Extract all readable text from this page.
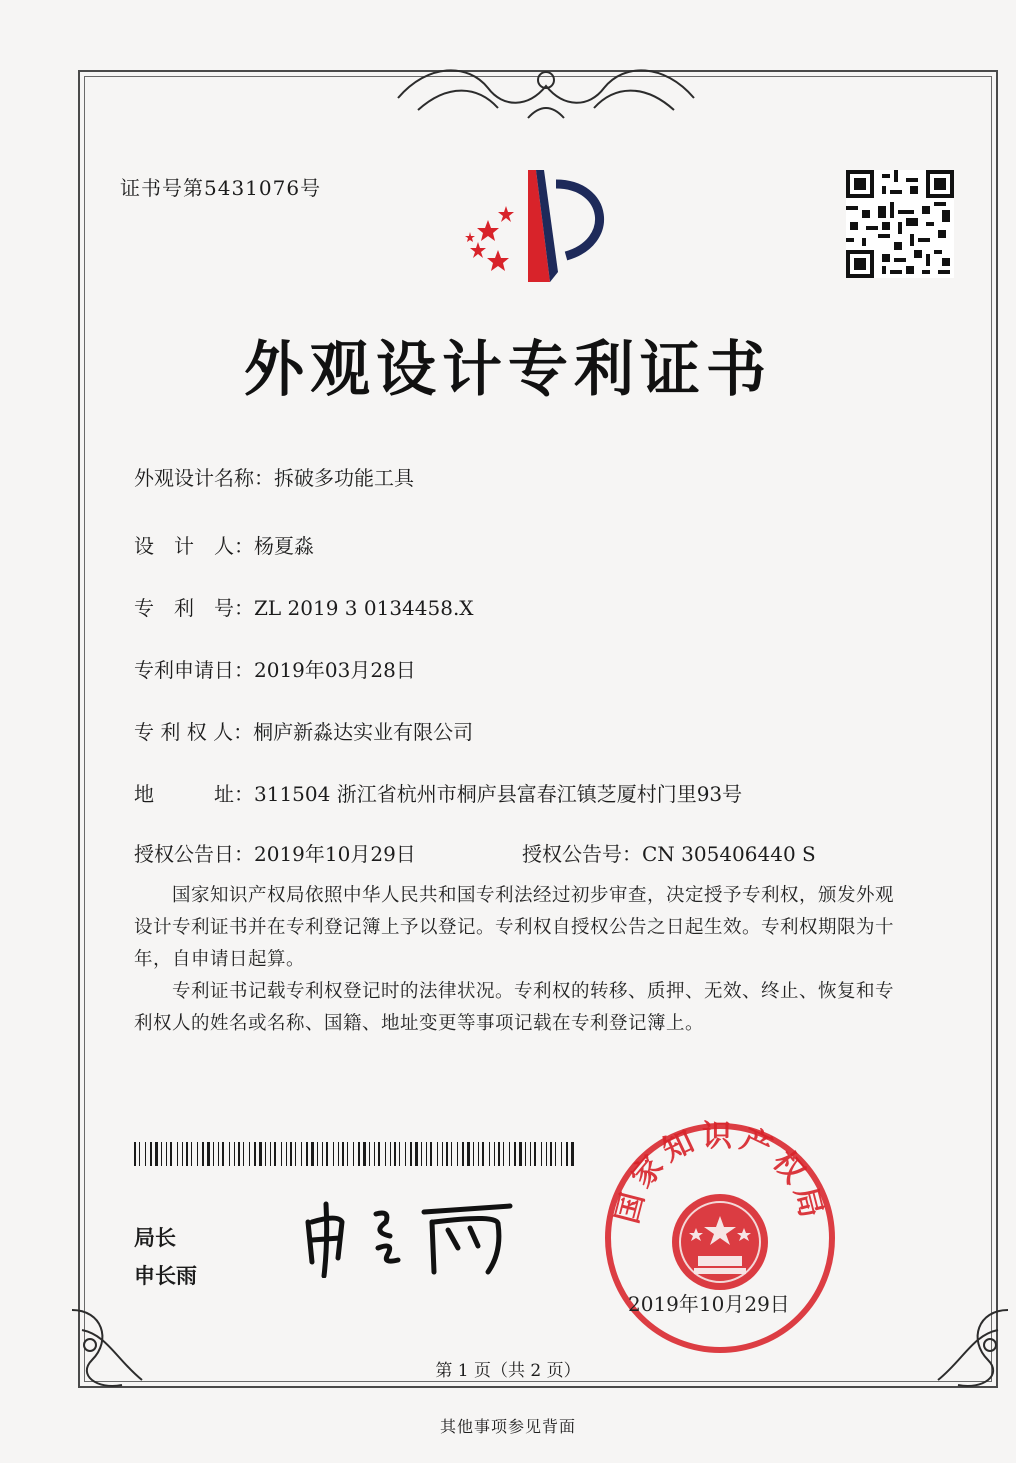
证书号第5431076号
外观设计专利证书
外观设计名称：拆破多功能工具
设　计　人：杨夏淼
专　利　号：ZL 2019 3 0134458.X
专利申请日：2019年03月28日
专 利 权 人：桐庐新淼达实业有限公司
地　　　址：311504 浙江省杭州市桐庐县富春江镇芝厦村门里93号
授权公告日：2019年10月29日	授权公告号：CN 305406440 S
　　国家知识产权局依照中华人民共和国专利法经过初步审查，决定授予专利权，颁发外观设计专利证书并在专利登记簿上予以登记。专利权自授权公告之日起生效。专利权期限为十年，自申请日起算。
　　专利证书记载专利权登记时的法律状况。专利权的转移、质押、无效、终止、恢复和专利权人的姓名或名称、国籍、地址变更等事项记载在专利登记簿上。
局长
申长雨
国家知识产权局
2019年10月29日
第 1 页（共 2 页）
其他事项参见背面
